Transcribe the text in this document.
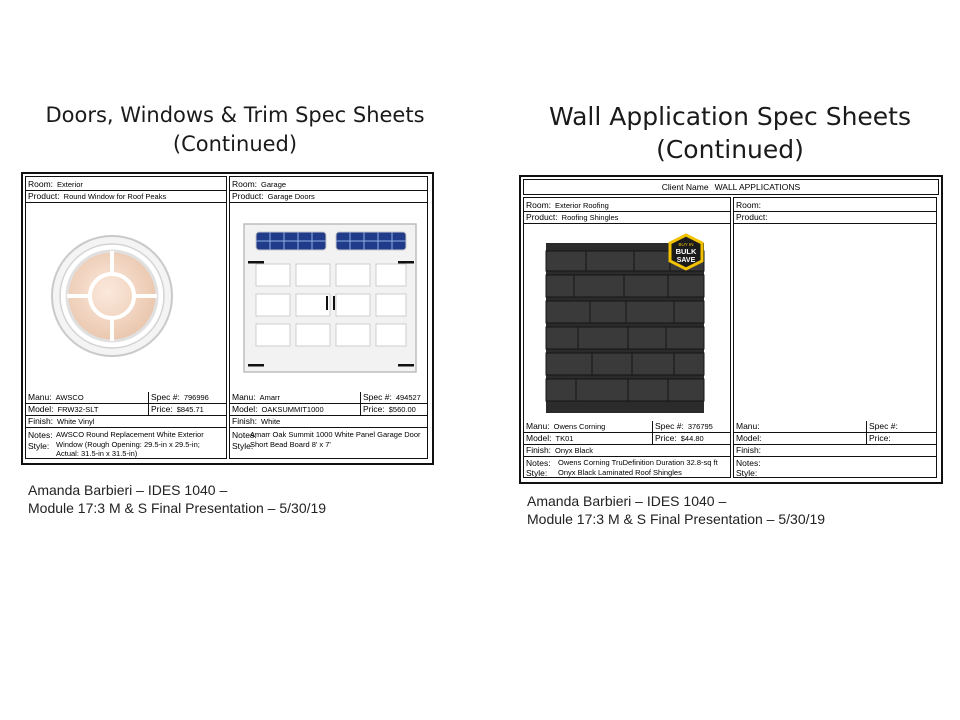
Doors, Windows & Trim Spec Sheets
(Continued)
Room: Exterior
Product: Round Window for Roof Peaks
Manu: AWSCO	Spec #: 796996
Model: FRW32-SLT	Price: $845.71
Finish: White Vinyl
Notes:
Style:
AWSCO Round Replacement White Exterior Window (Rough Opening: 29.5-in x 29.5-in; Actual: 31.5-in x 31.5-in)
Room: Garage
Product: Garage Doors
Manu: Amarr	Spec #: 494527
Model: OAKSUMMIT1000	Price: $560.00
Finish: White
Notes:
Style:
Amarr Oak Summit 1000 White Panel Garage Door Short Bead Board 8' x 7'
Amanda Barbieri – IDES 1040 –
Module 17:3 M & S Final Presentation – 5/30/19
Wall Application Spec Sheets
(Continued)
Client Name WALL APPLICATIONS
Room: Exterior Roofing
Product: Roofing Shingles
BUY IN
BULK
SAVE
Manu: Owens Corning	Spec #: 376795
Model: TK01	Price: $44.80
Finish: Onyx Black
Notes:
Style:
Owens Corning TruDefinition Duration 32.8-sq ft Onyx Black Laminated Roof Shingles
Room:
Product:
Manu:	Spec #:
Model:	Price:
Finish:
Notes:
Style:
Amanda Barbieri – IDES 1040 –
Module 17:3 M & S Final Presentation – 5/30/19
